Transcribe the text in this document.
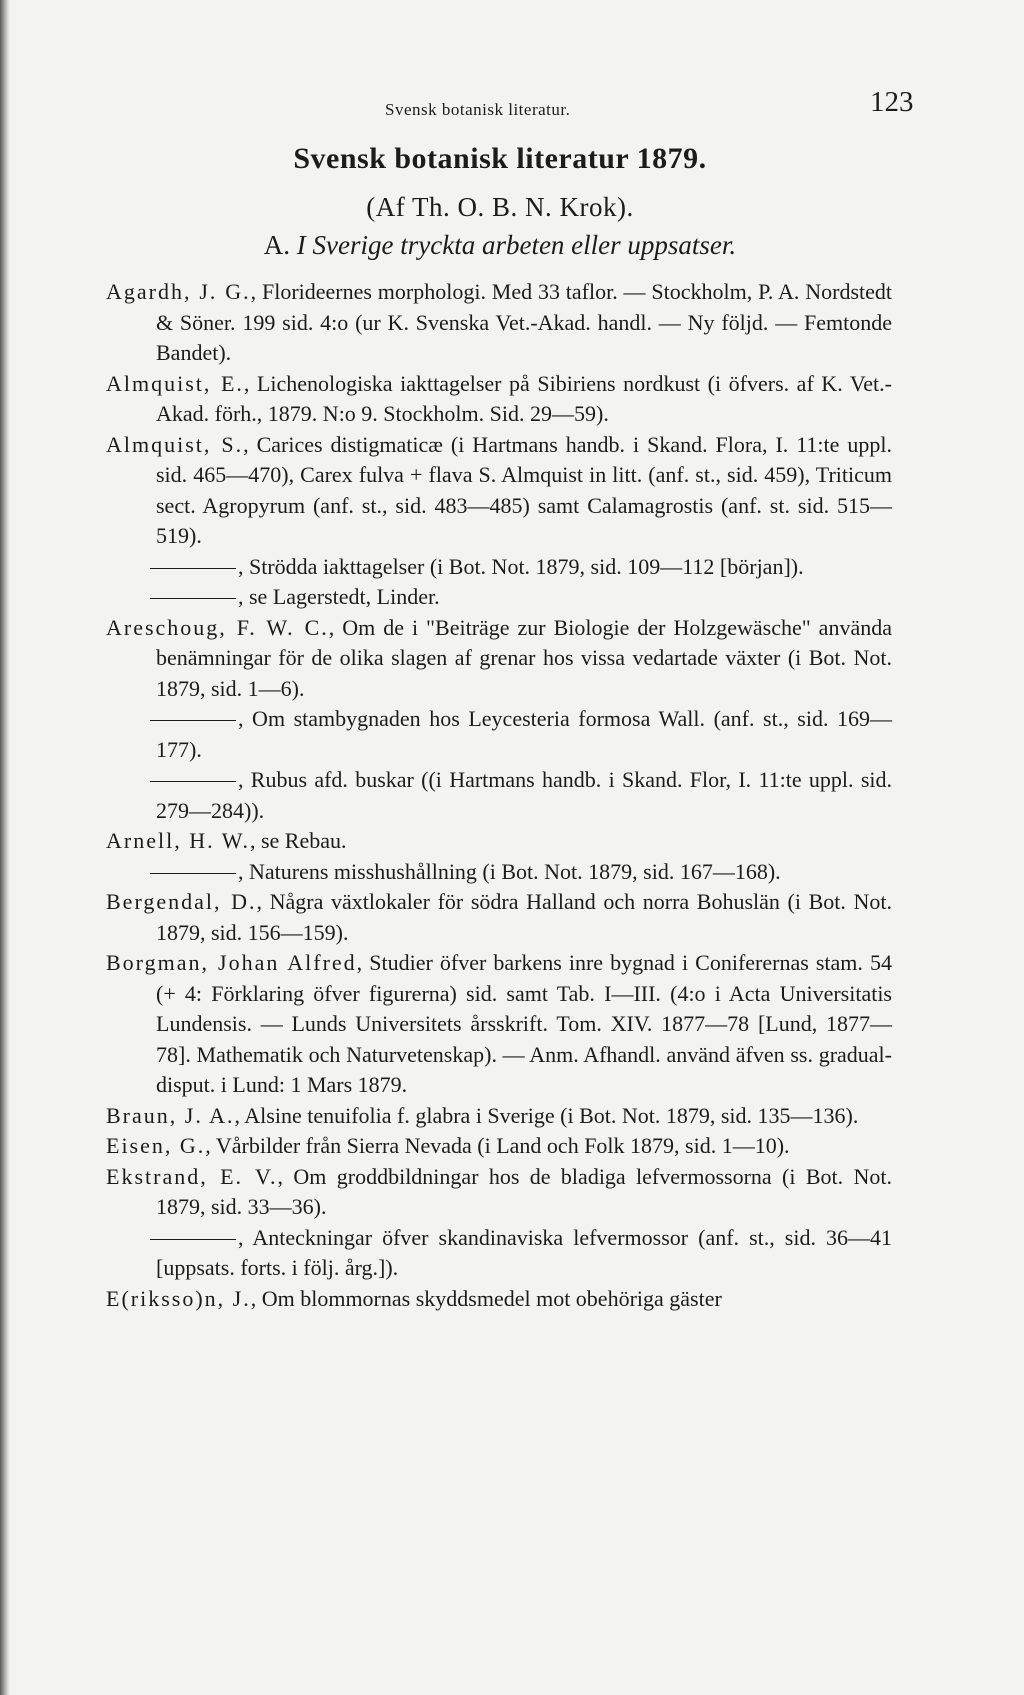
Svensk botanisk literatur.	123
Svensk botanisk literatur 1879.
(Af Th. O. B. N. Krok).
A. I Sverige tryckta arbeten eller uppsatser.

Agardh, J. G., Florideernes morphologi. Med 33 taflor. — Stockholm, P. A. Nordstedt & Söner. 199 sid. 4:o (ur K. Svenska Vet.-Akad. handl. — Ny följd. — Femtonde Bandet).

Almquist, E., Lichenologiska iakttagelser på Sibiriens nordkust (i öfvers. af K. Vet.-Akad. förh., 1879. N:o 9. Stockholm. Sid. 29—59).

Almquist, S., Carices distigmaticæ (i Hartmans handb. i Skand. Flora, I. 11:te uppl. sid. 465—470), Carex fulva + flava S. Almquist in litt. (anf. st., sid. 459), Triticum sect. Agropyrum (anf. st., sid. 483—485) samt Calamagrostis (anf. st. sid. 515—519).

, Strödda iakttagelser (i Bot. Not. 1879, sid. 109—112 [början]).

, se Lagerstedt, Linder.

Areschoug, F. W. C., Om de i "Beiträge zur Biologie der Holzgewäsche" använda benämningar för de olika slagen af grenar hos vissa vedartade växter (i Bot. Not. 1879, sid. 1—6).

, Om stambygnaden hos Leycesteria formosa Wall. (anf. st., sid. 169—177).

, Rubus afd. buskar ((i Hartmans handb. i Skand. Flor, I. 11:te uppl. sid. 279—284)).

Arnell, H. W., se Rebau.

, Naturens misshushållning (i Bot. Not. 1879, sid. 167—168).

Bergendal, D., Några växtlokaler för södra Halland och norra Bohuslän (i Bot. Not. 1879, sid. 156—159).

Borgman, Johan Alfred, Studier öfver barkens inre bygnad i Coniferernas stam. 54 (+ 4: Förklaring öfver figurerna) sid. samt Tab. I—III. (4:o i Acta Universitatis Lundensis. — Lunds Universitets årsskrift. Tom. XIV. 1877—78 [Lund, 1877—78]. Mathematik och Naturvetenskap). — Anm. Afhandl. använd äfven ss. gradual-disput. i Lund: 1 Mars 1879.

Braun, J. A., Alsine tenuifolia f. glabra i Sverige (i Bot. Not. 1879, sid. 135—136).

Eisen, G., Vårbilder från Sierra Nevada (i Land och Folk 1879, sid. 1—10).

Ekstrand, E. V., Om groddbildningar hos de bladiga lefvermossorna (i Bot. Not. 1879, sid. 33—36).

, Anteckningar öfver skandinaviska lefvermossor (anf. st., sid. 36—41 [uppsats. forts. i följ. årg.]).

E(riksso)n, J., Om blommornas skyddsmedel mot obehöriga gäster
